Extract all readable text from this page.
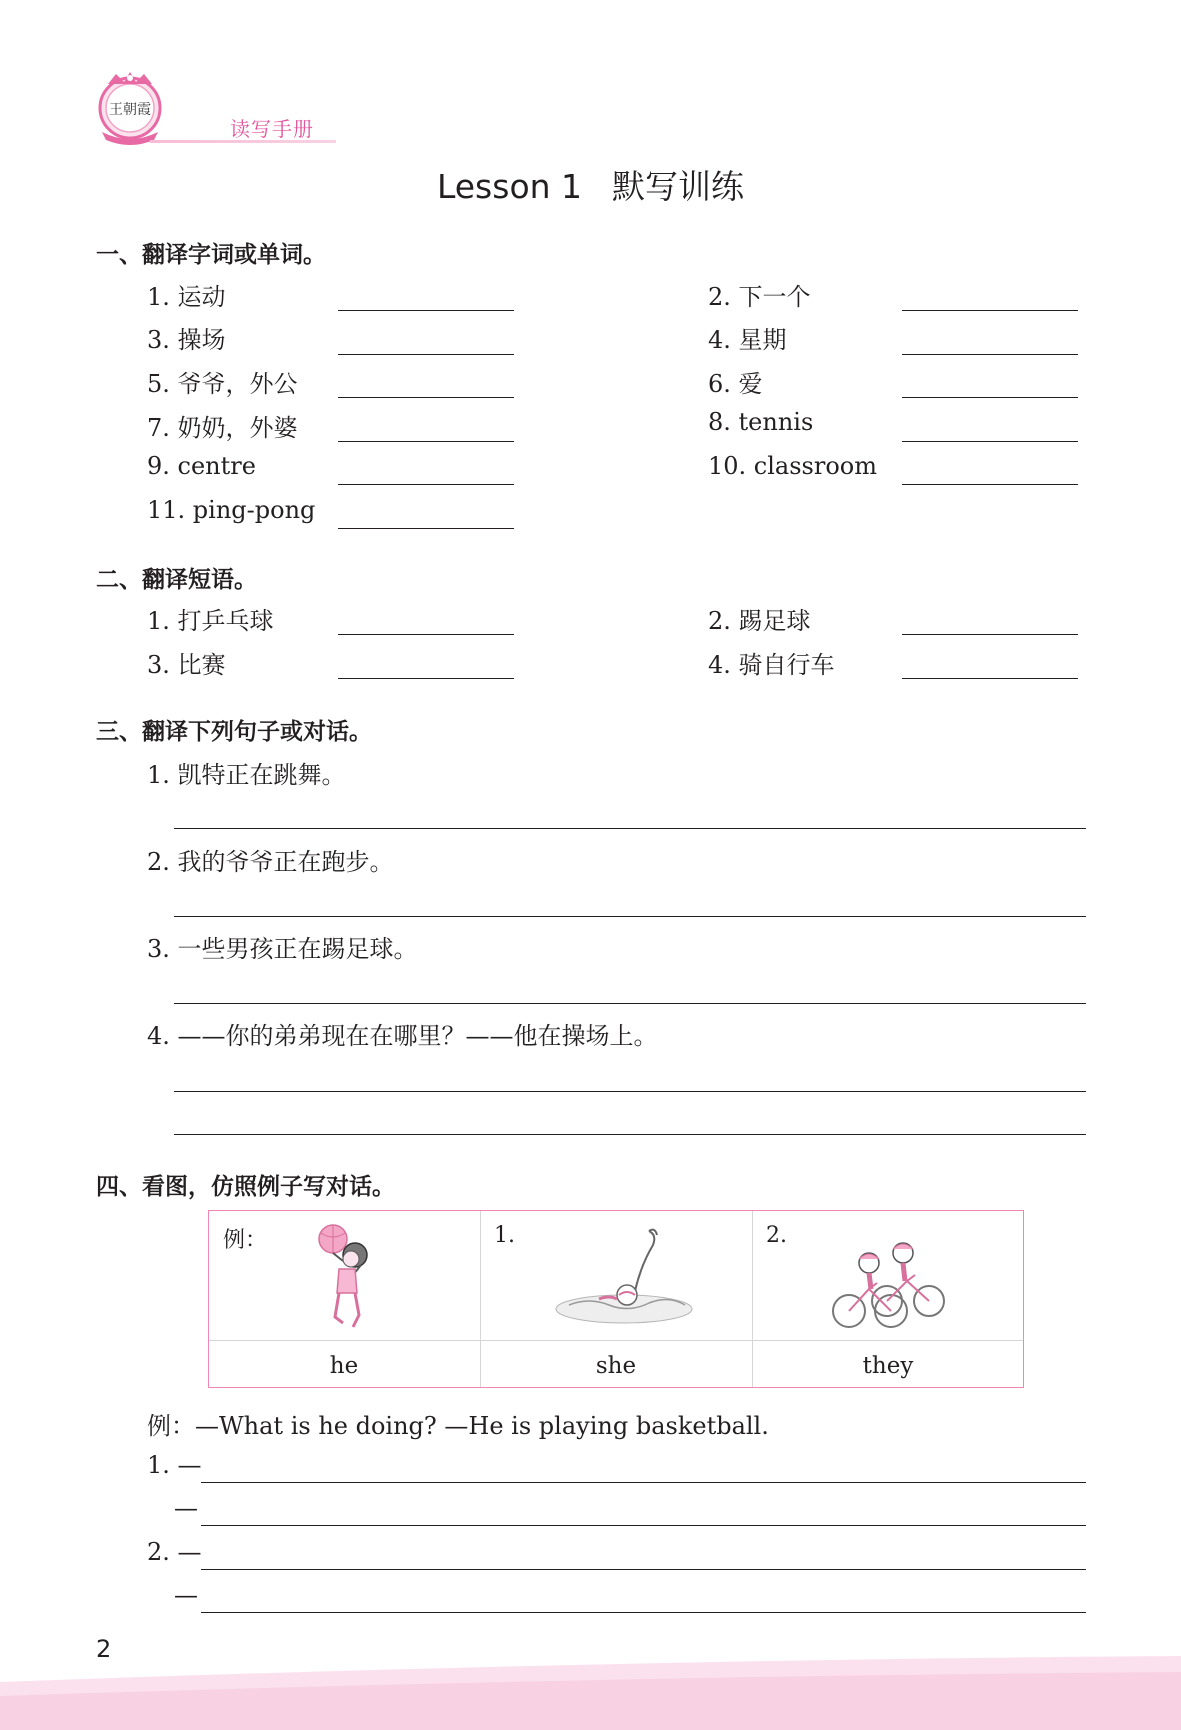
王朝霞
读写手册
Lesson 1 默写训练
一、翻译字词或单词。
1. 运动	2. 下一个
3. 操场	4. 星期
5. 爷爷，外公	6. 爱
7. 奶奶，外婆	8. tennis
9. centre	10. classroom
11. ping-pong
二、翻译短语。
1. 打乒乓球	2. 踢足球
3. 比赛	4. 骑自行车
三、翻译下列句子或对话。
1. 凯特正在跳舞。
2. 我的爷爷正在跑步。
3. 一些男孩正在踢足球。
4. ——你的弟弟现在在哪里？——他在操场上。
四、看图，仿照例子写对话。
例：	1.	2.
he	she	they
例：—What is he doing? —He is playing basketball.
1. —
—
2. —
—
2
